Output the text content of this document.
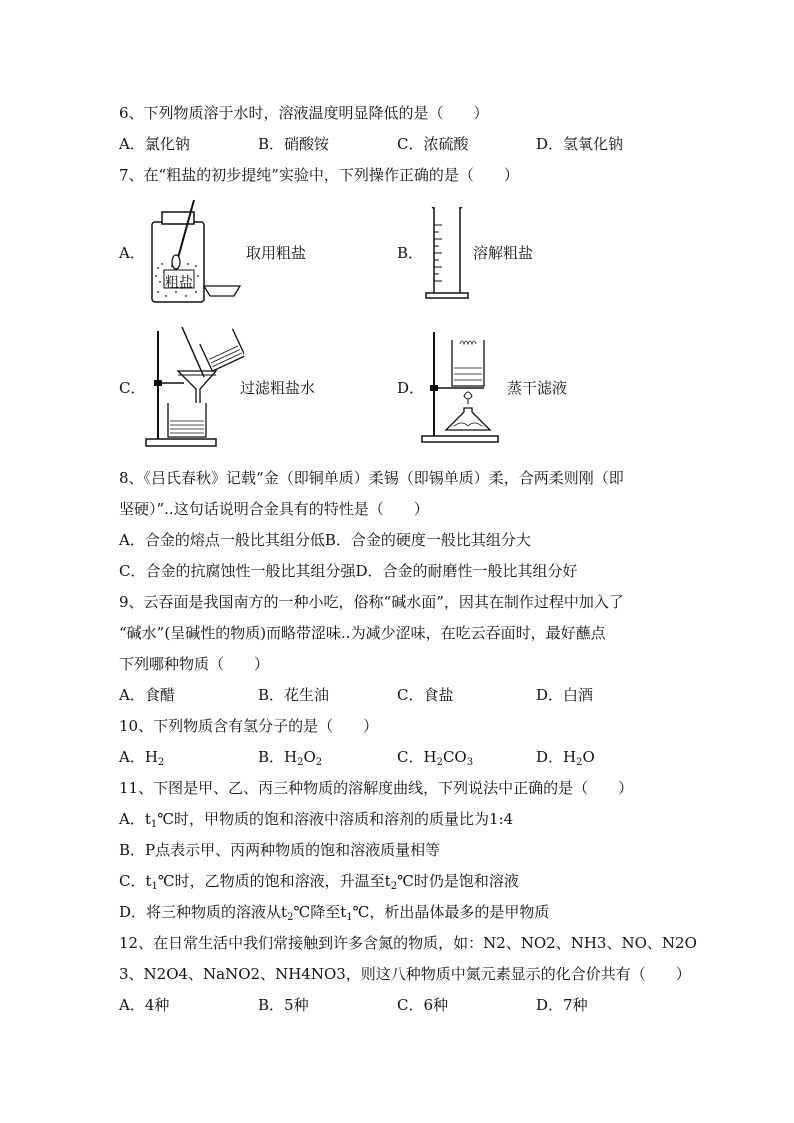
6、下列物质溶于水时，溶液温度明显降低的是（　　）
A．氯化钠	B．硝酸铵	C．浓硫酸	D．氢氧化钠
7、在“粗盐的初步提纯”实验中，下列操作正确的是（　　）
A．
粗盐
取用粗盐	B．	溶解粗盐
C．	过滤粗盐水	D．	蒸干滤液
8、《吕氏春秋》记载“金（即铜单质）柔锡（即锡单质）柔，合两柔则刚（即
坚硬）”..这句话说明合金具有的特性是（　　）
A．合金的熔点一般比其组分低B．合金的硬度一般比其组分大
C．合金的抗腐蚀性一般比其组分强D．合金的耐磨性一般比其组分好
9、云吞面是我国南方的一种小吃，俗称“碱水面”，因其在制作过程中加入了
“碱水”(呈碱性的物质)而略带涩味..为减少涩味，在吃云吞面时，最好蘸点
下列哪种物质（　　）
A．食醋	B．花生油	C．食盐	D．白酒
10、下列物质含有氢分子的是（　　）
A．$H_2$	B．$H_2O_2$	C．$H_2CO_3$	D．$H_2O$
11、下图是甲、乙、丙三种物质的溶解度曲线，下列说法中正确的是（　　）
A．$t_1℃$时，甲物质的饱和溶液中溶质和溶剂的质量比为1:4
B．P点表示甲、丙两种物质的饱和溶液质量相等
C．$t_1℃$时，乙物质的饱和溶液，升温至$t_2℃$时仍是饱和溶液
D．将三种物质的溶液从$t_2℃$降至$t_1℃$，析出晶体最多的是甲物质
12、在日常生活中我们常接触到许多含氮的物质，如：N2、NO2、NH3、NO、N2O
3、N2O4、NaNO2、NH4NO3，则这八种物质中氮元素显示的化合价共有（　　）
A．4种	B．5种	C．6种	D．7种
